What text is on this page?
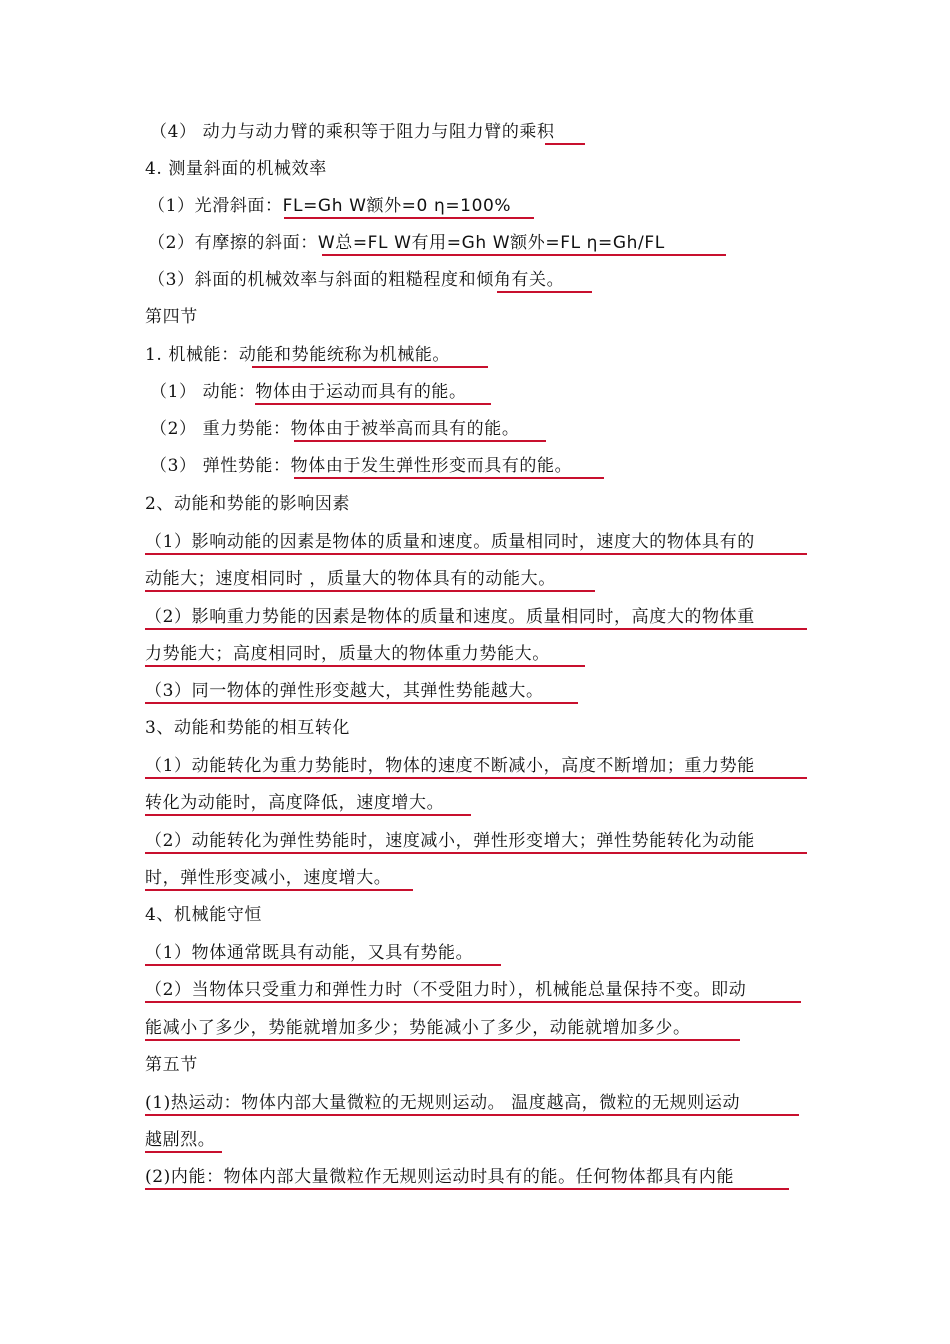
（4） 动力与动力臂的乘积等于阻力与阻力臂的乘积
4. 测量斜面的机械效率
（1）光滑斜面：FL=Gh W额外=0 η=100%
（2）有摩擦的斜面：W总=FL W有用=Gh W额外=FL η=Gh/FL
（3）斜面的机械效率与斜面的粗糙程度和倾角有关。
第四节
1. 机械能：动能和势能统称为机械能。
（1） 动能：物体由于运动而具有的能。
（2） 重力势能：物体由于被举高而具有的能。
（3） 弹性势能：物体由于发生弹性形变而具有的能。
2、动能和势能的影响因素
（1）影响动能的因素是物体的质量和速度。质量相同时，速度大的物体具有的
动能大；速度相同时 ，质量大的物体具有的动能大。
（2）影响重力势能的因素是物体的质量和速度。质量相同时，高度大的物体重
力势能大；高度相同时，质量大的物体重力势能大。
（3）同一物体的弹性形变越大，其弹性势能越大。
3、动能和势能的相互转化
（1）动能转化为重力势能时，物体的速度不断减小，高度不断增加；重力势能
转化为动能时，高度降低，速度增大。
（2）动能转化为弹性势能时，速度减小，弹性形变增大；弹性势能转化为动能
时，弹性形变减小，速度增大。
4、机械能守恒
（1）物体通常既具有动能，又具有势能。
（2）当物体只受重力和弹性力时（不受阻力时），机械能总量保持不变。即动
能减小了多少，势能就增加多少；势能减小了多少，动能就增加多少。
第五节
(1)热运动：物体内部大量微粒的无规则运动。 温度越高，微粒的无规则运动
越剧烈。
(2)内能：物体内部大量微粒作无规则运动时具有的能。任何物体都具有内能
